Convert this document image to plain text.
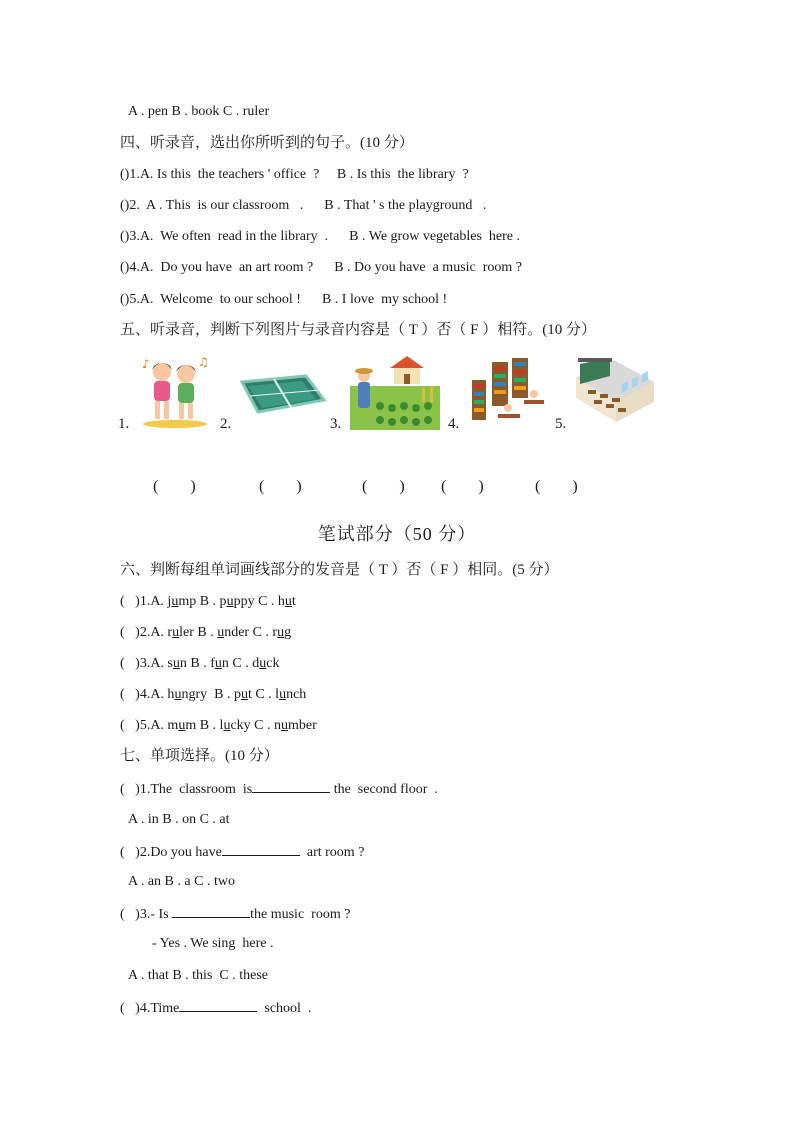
A . pen B . book C . ruler
四、听录音，选出你所听到的句子。(10 分）
()1.A. Is this  the teachers ' office  ?     B . Is this  the library  ?
()2.  A . This  is our classroom   .      B . That ' s the playground   .
()3.A.  We often  read in the library  .      B . We grow vegetables  here .
()4.A.  Do you have  an art room ?      B . Do you have  a music  room ?
()5.A.  Welcome  to our school !      B . I love  my school !
五、听录音，判断下列图片与录音内容是（ T ）否（ F ）相符。(10 分）
1.
♪	♫
2.	3.	4.	5.
(        )	(        )	(        ) (        )	(        )
笔试部分（50 分）
六、判断每组单词画线部分的发音是（ T ）否（ F ）相同。(5 分）
(   )1.A. jump B . puppy C . hut
(   )2.A. ruler B . under C . rug
(   )3.A. sun B . fun C . duck
(   )4.A. hungry  B . put C . lunch
(   )5.A. mum B . lucky C . number
七、单项选择。(10 分）
(   )1.The  classroom  is	the  second floor  .
A . in B . on C . at
(   )2.Do you have	art room ?
A . an B . a C . two
(   )3.- Is	the music  room ?
- Yes . We sing  here .
A . that B . this  C . these
(   )4.Time	school  .
